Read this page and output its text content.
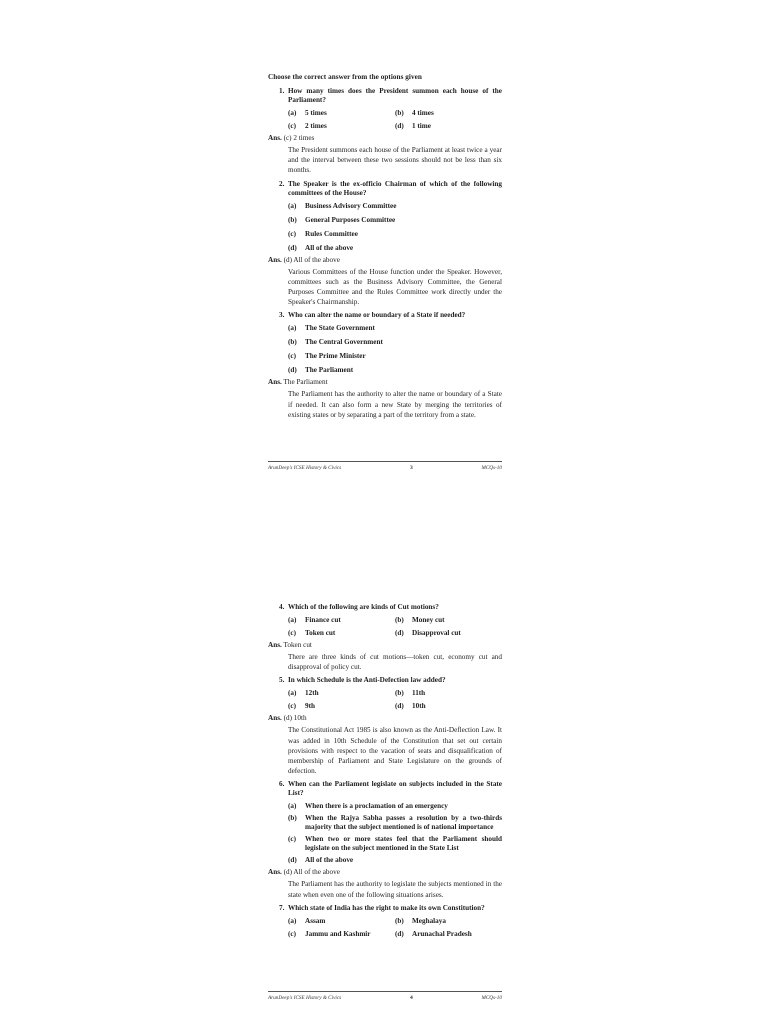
Choose the correct answer from the options given
1. How many times does the President summon each house of the Parliament?
(a)	5 times	(b)	4 times
(c)	2 times	(d)	1 time
Ans. (c) 2 times
The President summons each house of the Parliament at least twice a year and the interval between these two sessions should not be less than six months.
2. The Speaker is the ex-officio Chairman of which of the following committees of the House?
(a)	Business Advisory Committee
(b)	General Purposes Committee
(c)	Rules Committee
(d)	All of the above
Ans. (d) All of the above
Various Committees of the House function under the Speaker. However, committees such as the Business Advisory Committee, the General Purposes Committee and the Rules Committee work directly under the Speaker's Chairmanship.
3. Who can alter the name or boundary of a State if needed?
(a)	The State Government
(b)	The Central Government
(c)	The Prime Minister
(d)	The Parliament
Ans. The Parliament
The Parliament has the authority to alter the name or boundary of a State if needed. It can also form a new State by merging the territories of existing states or by separating a part of the territory from a state.
ArunDeep's ICSE History & Civics	3	MCQs-10
4. Which of the following are kinds of Cut motions?
(a)	Finance cut	(b)	Money cut
(c)	Token cut	(d)	Disapproval cut
Ans. Token cut
There are three kinds of cut motions—token cut, economy cut and disapproval of policy cut.
5. In which Schedule is the Anti-Defection law added?
(a)	12th	(b)	11th
(c)	9th	(d)	10th
Ans. (d) 10th
The Constitutional Act 1985 is also known as the Anti-Deflection Law. It was added in 10th Schedule of the Constitution that set out certain provisions with respect to the vacation of seats and disqualification of membership of Parliament and State Legislature on the grounds of defection.
6. When can the Parliament legislate on subjects included in the State List?
(a)	When there is a proclamation of an emergency
(b)	When the Rajya Sabha passes a resolution by a two-thirds majority that the subject mentioned is of national importance
(c)	When two or more states feel that the Parliament should legislate on the subject mentioned in the State List
(d)	All of the above
Ans. (d) All of the above
The Parliament has the authority to legislate the subjects mentioned in the state when even one of the following situations arises.
7. Which state of India has the right to make its own Constitution?
(a)	Assam	(b)	Meghalaya
(c)	Jammu and Kashmir	(d)	Arunachal Pradesh
ArunDeep's ICSE History & Civics	4	MCQs-10
